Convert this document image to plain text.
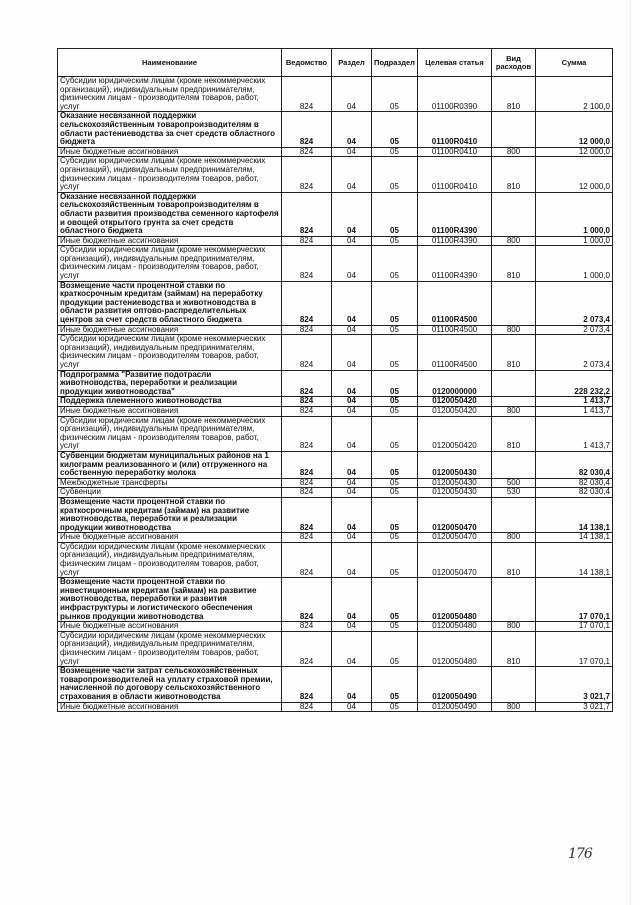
Наименование	Ведомство	Раздел	Подраздел	Целевая статья	Вид расходов	Сумма
Субсидии юридическим лицам (кроме некоммерческих организаций), индивидуальным предпринимателям, физическим лицам - производителям товаров, работ, услуг	824	04	05	01100R0390	810	2 100,0
Оказание несвязанной поддержки сельскохозяйственным товаропроизводителям в области растениеводства за счет средств областного бюджета	824	04	05	01100R0410		12 000,0
Иные бюджетные ассигнования	824	04	05	01100R0410	800	12 000,0
Субсидии юридическим лицам (кроме некоммерческих организаций), индивидуальным предпринимателям, физическим лицам - производителям товаров, работ, услуг	824	04	05	01100R0410	810	12 000,0
Оказание несвязанной поддержки сельскохозяйственным товаропроизводителям в области развития производства семенного картофеля и овощей открытого грунта за счет средств областного бюджета	824	04	05	01100R4390		1 000,0
Иные бюджетные ассигнования	824	04	05	01100R4390	800	1 000,0
Субсидии юридическим лицам (кроме некоммерческих организаций), индивидуальным предпринимателям, физическим лицам - производителям товаров, работ, услуг	824	04	05	01100R4390	810	1 000,0
Возмещение части процентной ставки по краткосрочным кредитам (займам) на переработку продукции растениеводства и животноводства в области развития оптово-распределительных центров за счет средств областного бюджета	824	04	05	01100R4500		2 073,4
Иные бюджетные ассигнования	824	04	05	01100R4500	800	2 073,4
Субсидии юридическим лицам (кроме некоммерческих организаций), индивидуальным предпринимателям, физическим лицам - производителям товаров, работ, услуг	824	04	05	01100R4500	810	2 073,4
Подпрограмма "Развитие подотрасли животноводства, переработки и реализации продукции животноводства"	824	04	05	0120000000		228 232,2
Поддержка племенного животноводства	824	04	05	0120050420		1 413,7
Иные бюджетные ассигнования	824	04	05	0120050420	800	1 413,7
Субсидии юридическим лицам (кроме некоммерческих организаций), индивидуальным предпринимателям, физическим лицам - производителям товаров, работ, услуг	824	04	05	0120050420	810	1 413,7
Субвенции бюджетам муниципальных районов на 1 килограмм реализованного и (или) отгруженного на собственную переработку молока	824	04	05	0120050430		82 030,4
Межбюджетные трансферты	824	04	05	0120050430	500	82 030,4
Субвенции	824	04	05	0120050430	530	82 030,4
Возмещение части процентной ставки по краткосрочным кредитам (займам) на развитие животноводства, переработки и реализации продукции животноводства	824	04	05	0120050470		14 138,1
Иные бюджетные ассигнования	824	04	05	0120050470	800	14 138,1
Субсидии юридическим лицам (кроме некоммерческих организаций), индивидуальным предпринимателям, физическим лицам - производителям товаров, работ, услуг	824	04	05	0120050470	810	14 138,1
Возмещение части процентной ставки по инвестиционным кредитам (займам) на развитие животноводства, переработки и развития инфраструктуры и логистического обеспечения рынков продукции животноводства	824	04	05	0120050480		17 070,1
Иные бюджетные ассигнования	824	04	05	0120050480	800	17 070,1
Субсидии юридическим лицам (кроме некоммерческих организаций), индивидуальным предпринимателям, физическим лицам - производителям товаров, работ, услуг	824	04	05	0120050480	810	17 070,1
Возмещение части затрат сельскохозяйственных товаропроизводителей на уплату страховой премии, начисленной по договору сельскохозяйственного страхования в области животноводства	824	04	05	0120050490		3 021,7
Иные бюджетные ассигнования	824	04	05	0120050490	800	3 021,7
176
